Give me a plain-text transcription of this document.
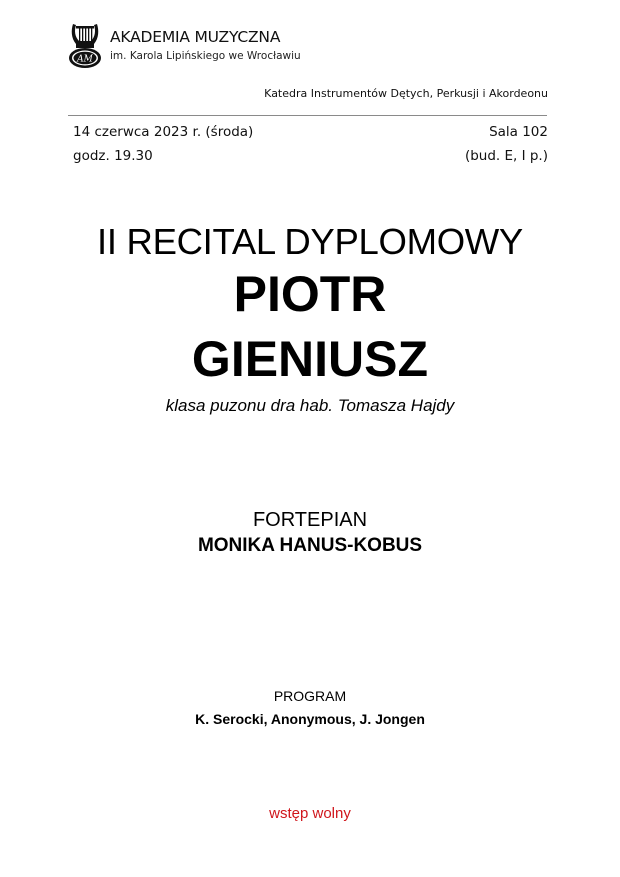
AM
AKADEMIA MUZYCZNA
im. Karola Lipińskiego we Wrocławiu
Katedra Instrumentów Dętych, Perkusji i Akordeonu
14 czerwca 2023 r. (środa)
godz. 19.30
Sala 102
(bud. E, I p.)
II RECITAL DYPLOMOWY
PIOTR
GIENIUSZ
klasa puzonu dra hab. Tomasza Hajdy
FORTEPIAN
MONIKA HANUS-KOBUS
PROGRAM
K. Serocki, Anonymous, J. Jongen
wstęp wolny
